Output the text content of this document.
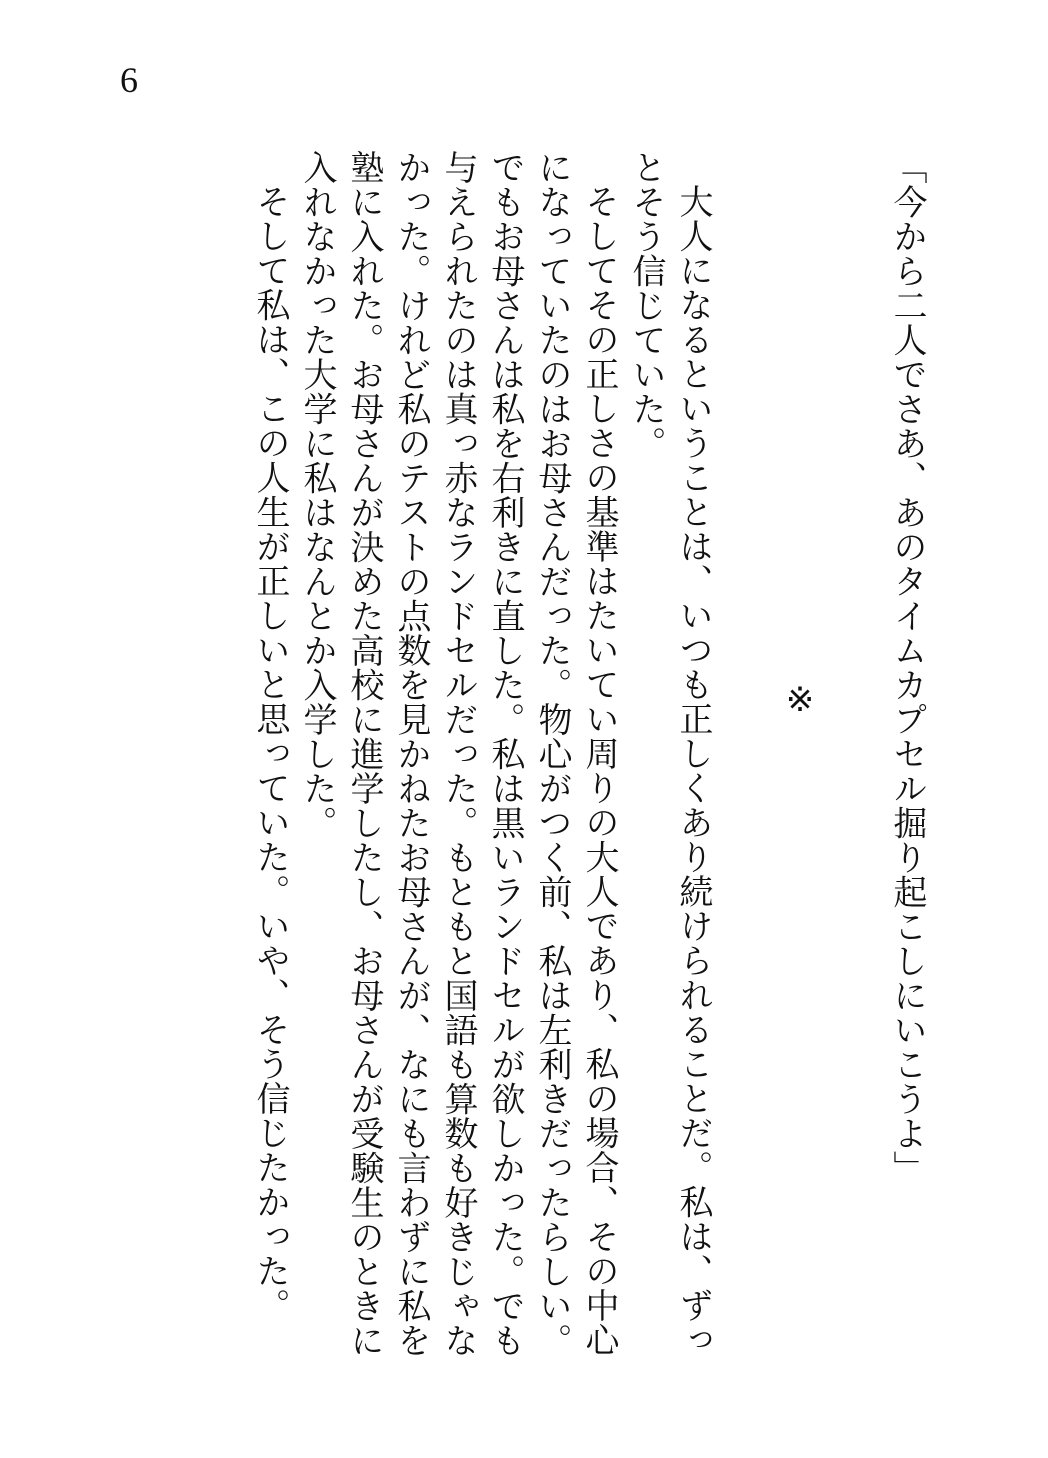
6

「今から二人でさあ、あのタイムカプセル掘り起こしにいこうよ」

※

大人になるということは、いつも正しくあり続けられることだ。私は、ずっとそう信じていた。

そしてその正しさの基準はたいてい周りの大人であり、私の場合、その中心になっていたのはお母さんだった。物心がつく前、私は左利きだったらしい。でもお母さんは私を右利きに直した。私は黒いランドセルが欲しかった。でも与えられたのは真っ赤なランドセルだった。もともと国語も算数も好きじゃなかった。けれど私のテストの点数を見かねたお母さんが、なにも言わずに私を塾に入れた。お母さんが決めた高校に進学したし、お母さんが受験生のときに入れなかった大学に私はなんとか入学した。

そして私は、この人生が正しいと思っていた。いや、そう信じたかった。
